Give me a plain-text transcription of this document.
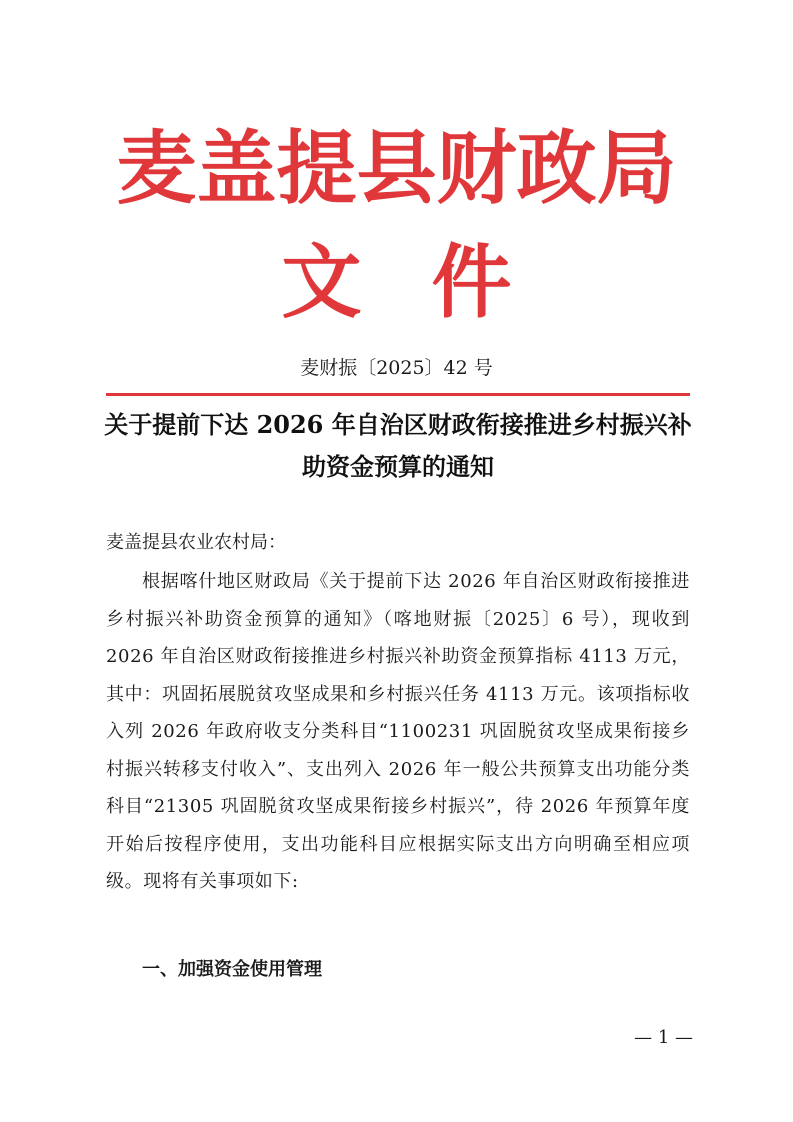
麦盖提县财政局
文件
麦财振〔2025〕42 号
关于提前下达 2026 年自治区财政衔接推进乡村振兴补助资金预算的通知
麦盖提县农业农村局：
根据喀什地区财政局《关于提前下达 2026 年自治区财政衔接推进乡村振兴补助资金预算的通知》（喀地财振〔2025〕6 号），现收到 2026 年自治区财政衔接推进乡村振兴补助资金预算指标 4113 万元，其中：巩固拓展脱贫攻坚成果和乡村振兴任务 4113 万元。该项指标收入列 2026 年政府收支分类科目“1100231 巩固脱贫攻坚成果衔接乡村振兴转移支付收入”、支出列入 2026 年一般公共预算支出功能分类科目“21305 巩固脱贫攻坚成果衔接乡村振兴”，待 2026 年预算年度开始后按程序使用，支出功能科目应根据实际支出方向明确至相应项级。现将有关事项如下:
一、加强资金使用管理
— 1 —
